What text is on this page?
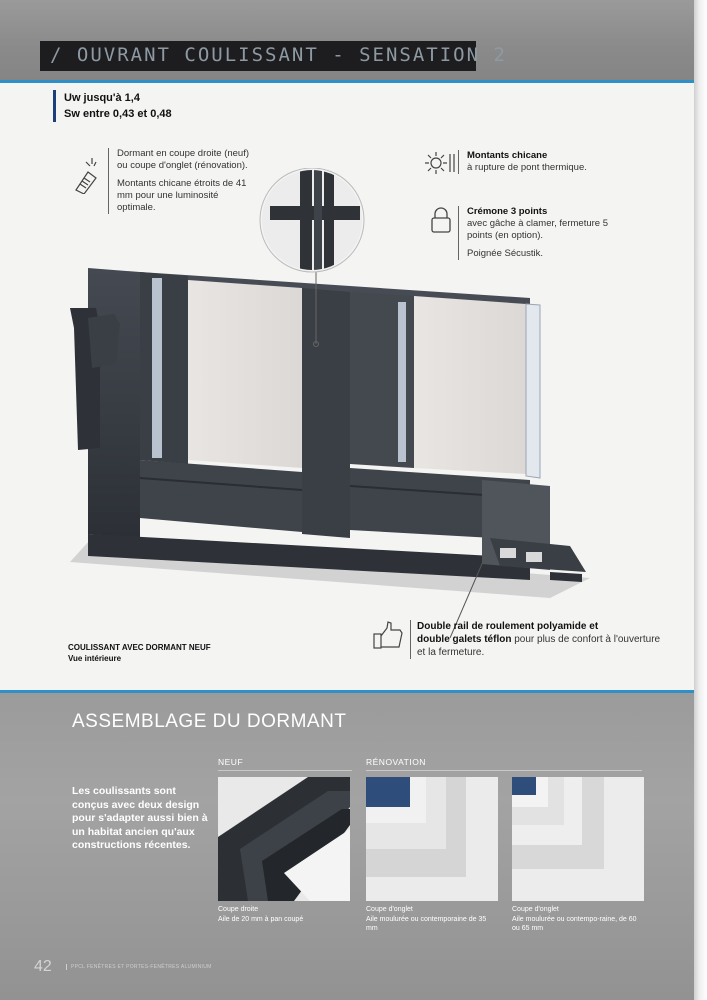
/ OUVRANT COULISSANT - SENSATION 2
Uw jusqu'à 1,4
Sw entre 0,43 et 0,48

Dormant en coupe droite (neuf) ou coupe d'onglet (rénovation).

Montants chicane étroits de 41 mm pour une luminosité optimale.

Montants chicane

à rupture de pont thermique.

Crémone 3 points

avec gâche à clamer, fermeture 5 points (en option).

Poignée Sécustik.

COULISSANT AVEC DORMANT NEUF
Vue intérieure
Double rail de roulement polyamide et
double galets téflon pour plus de confort à l'ouverture et la fermeture.
ASSEMBLAGE DU DORMANT
Les coulissants sont conçus avec deux design pour s'adapter aussi bien à un habitat ancien qu'aux constructions récentes.
NEUF	RÉNOVATION
Coupe droite
Aile de 20 mm à pan coupé
Coupe d'onglet
Aile moulurée ou contemporaine de 35 mm
Coupe d'onglet
Aile moulurée ou contempo-raine, de 60 ou 65 mm
42	PPCL FENÊTRES ET PORTES-FENÊTRES ALUMINIUM
